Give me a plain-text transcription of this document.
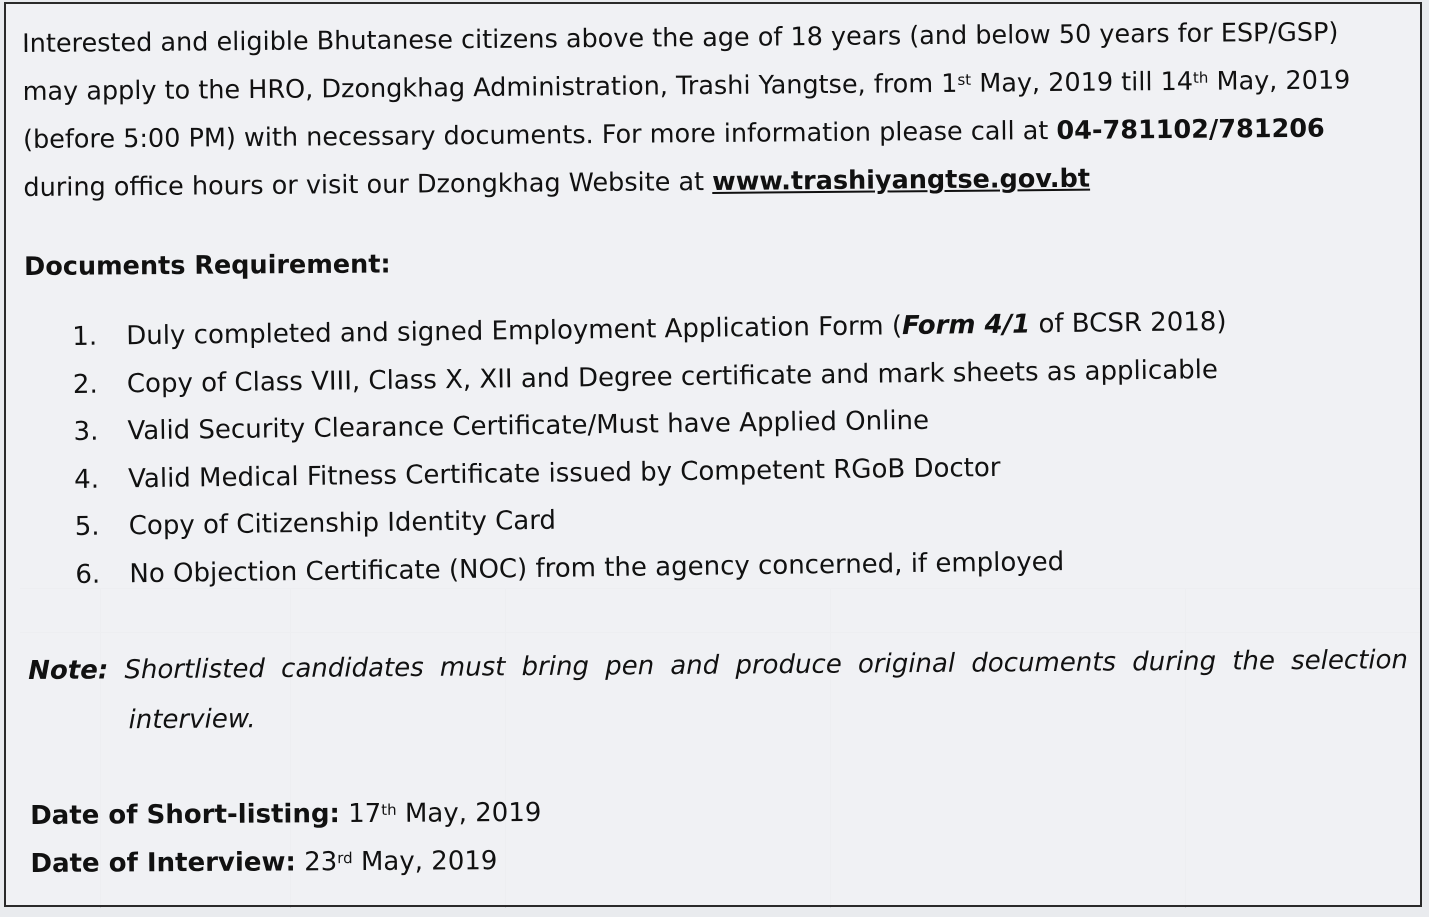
Interested and eligible Bhutanese citizens above the age of 18 years (and below 50 years for ESP/GSP)
may apply to the HRO, Dzongkhag Administration, Trashi Yangtse, from 1st May, 2019 till 14th May, 2019
(before 5:00 PM) with necessary documents. For more information please call at 04-781102/781206
during office hours or visit our Dzongkhag Website at www.trashiyangtse.gov.bt
Documents Requirement:
1. Duly completed and signed Employment Application Form (Form 4/1 of BCSR 2018)
2. Copy of Class VIII, Class X, XII and Degree certificate and mark sheets as applicable
3. Valid Security Clearance Certificate/Must have Applied Online
4. Valid Medical Fitness Certificate issued by Competent RGoB Doctor
5. Copy of Citizenship Identity Card
6. No Objection Certificate (NOC) from the agency concerned, if employed
Note: Shortlisted candidates must bring pen and produce original documents during the selection
interview.
Date of Short-listing: 17th May, 2019
Date of Interview: 23rd May, 2019
